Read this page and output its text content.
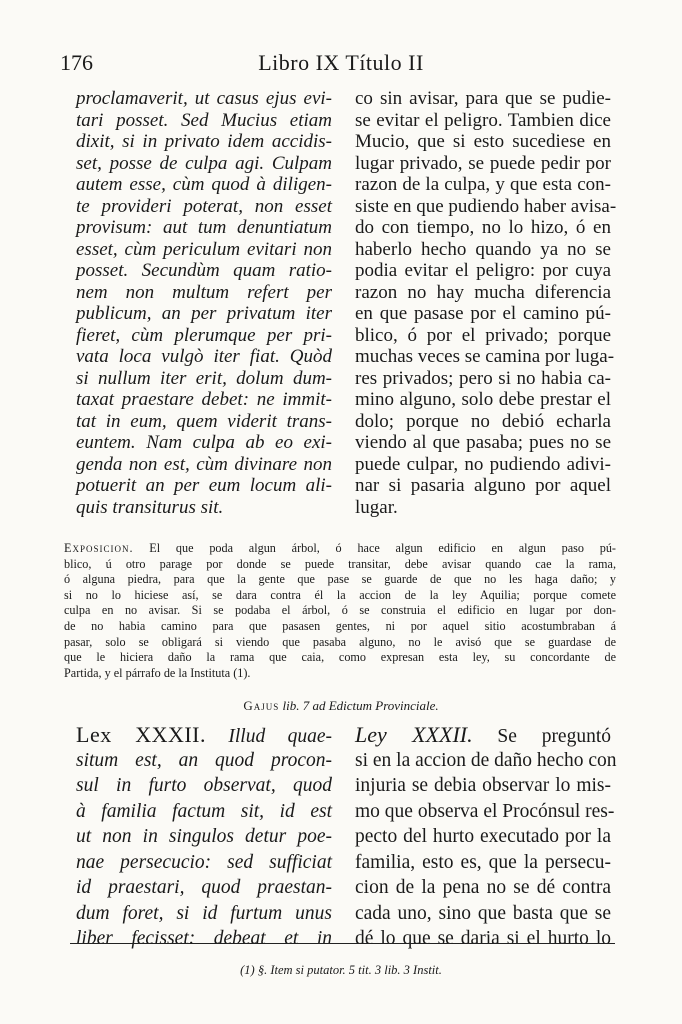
176	Libro IX Título II
proclamaverit, ut casus ejus evi-
tari posset. Sed Mucius etiam
dixit, si in privato idem accidis-
set, posse de culpa agi. Culpam
autem esse, cùm quod à diligen-
te provideri poterat, non esset
provisum: aut tum denuntiatum
esset, cùm periculum evitari non
posset. Secundùm quam ratio-
nem non multum refert per
publicum, an per privatum iter
fieret, cùm plerumque per pri-
vata loca vulgò iter fiat. Quòd
si nullum iter erit, dolum dum-
taxat praestare debet: ne immit-
tat in eum, quem viderit trans-
euntem. Nam culpa ab eo exi-
genda non est, cùm divinare non
potuerit an per eum locum ali-
quis transiturus sit.
co sin avisar, para que se pudie-
se evitar el peligro. Tambien dice
Mucio, que si esto sucediese en
lugar privado, se puede pedir por
razon de la culpa, y que esta con-
siste en que pudiendo haber avisa-
do con tiempo, no lo hizo, ó en
haberlo hecho quando ya no se
podia evitar el peligro: por cuya
razon no hay mucha diferencia
en que pasase por el camino pú-
blico, ó por el privado; porque
muchas veces se camina por luga-
res privados; pero si no habia ca-
mino alguno, solo debe prestar el
dolo; porque no debió echarla
viendo al que pasaba; pues no se
puede culpar, no pudiendo adivi-
nar si pasaria alguno por aquel
lugar.
Exposicion. El que poda algun árbol, ó hace algun edificio en algun paso pú-
blico, ú otro parage por donde se puede transitar, debe avisar quando cae la rama,
ó alguna piedra, para que la gente que pase se guarde de que no les haga daño; y
si no lo hiciese así, se dara contra él la accion de la ley Aquilia; porque comete
culpa en no avisar. Si se podaba el árbol, ó se construia el edificio en lugar por don-
de no habia camino para que pasasen gentes, ni por aquel sitio acostumbraban á
pasar, solo se obligará si viendo que pasaba alguno, no le avisó que se guardase de
que le hiciera daño la rama que caia, como expresan esta ley, su concordante de
Partida, y el párrafo de la Instituta (1).
Gajus lib. 7 ad Edictum Provinciale.
Lex XXXII. Illud quae-
situm est, an quod procon-
sul in furto observat, quod
à familia factum sit, id est
ut non in singulos detur poe-
nae persecucio: sed sufficiat
id praestari, quod praestan-
dum foret, si id furtum unus
liber fecisset: debeat et in
Ley XXXII. Se preguntó
si en la accion de daño hecho con
injuria se debia observar lo mis-
mo que observa el Procónsul res-
pecto del hurto executado por la
familia, esto es, que la persecu-
cion de la pena no se dé contra
cada uno, sino que basta que se
dé lo que se daria si el hurto lo
(1) §. Item si putator. 5 tit. 3 lib. 3 Instit.
